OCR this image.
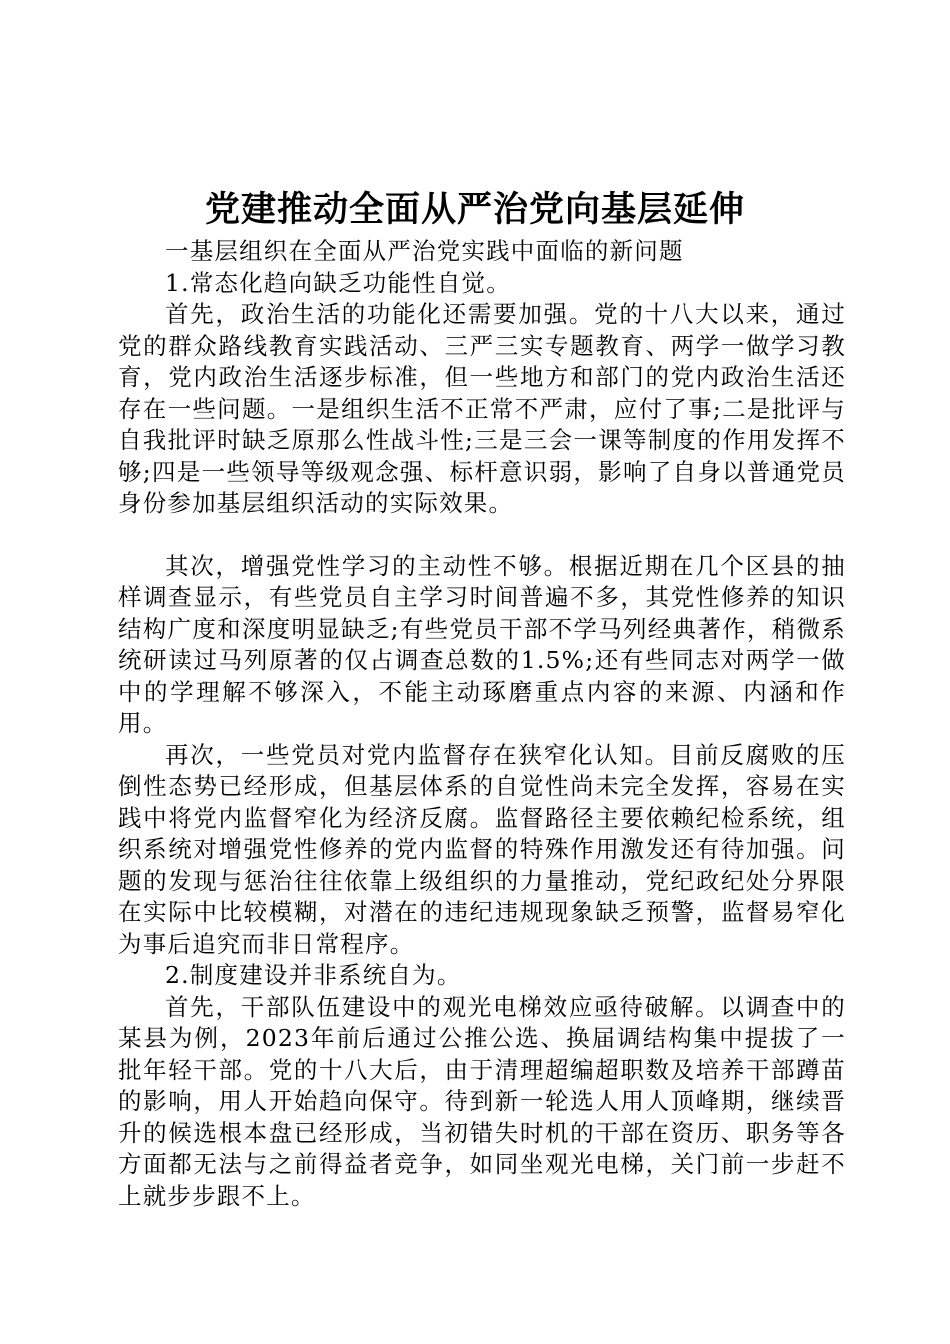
党建推动全面从严治党向基层延伸

一基层组织在全面从严治党实践中面临的新问题

1.常态化趋向缺乏功能性自觉。

首先，政治生活的功能化还需要加强。党的十八大以来，通过党的群众路线教育实践活动、三严三实专题教育、两学一做学习教育，党内政治生活逐步标准，但一些地方和部门的党内政治生活还存在一些问题。一是组织生活不正常不严肃，应付了事;二是批评与自我批评时缺乏原那么性战斗性;三是三会一课等制度的作用发挥不够;四是一些领导等级观念强、标杆意识弱，影响了自身以普通党员身份参加基层组织活动的实际效果。

其次，增强党性学习的主动性不够。根据近期在几个区县的抽样调查显示，有些党员自主学习时间普遍不多，其党性修养的知识结构广度和深度明显缺乏;有些党员干部不学马列经典著作，稍微系统研读过马列原著的仅占调查总数的1.5%;还有些同志对两学一做中的学理解不够深入，不能主动琢磨重点内容的来源、内涵和作用。

再次，一些党员对党内监督存在狭窄化认知。目前反腐败的压倒性态势已经形成，但基层体系的自觉性尚未完全发挥，容易在实践中将党内监督窄化为经济反腐。监督路径主要依赖纪检系统，组织系统对增强党性修养的党内监督的特殊作用激发还有待加强。问题的发现与惩治往往依靠上级组织的力量推动，党纪政纪处分界限在实际中比较模糊，对潜在的违纪违规现象缺乏预警，监督易窄化为事后追究而非日常程序。

2.制度建设并非系统自为。

首先，干部队伍建设中的观光电梯效应亟待破解。以调查中的某县为例，2023年前后通过公推公选、换届调结构集中提拔了一批年轻干部。党的十八大后，由于清理超编超职数及培养干部蹲苗的影响，用人开始趋向保守。待到新一轮选人用人顶峰期，继续晋升的候选根本盘已经形成，当初错失时机的干部在资历、职务等各方面都无法与之前得益者竞争，如同坐观光电梯，关门前一步赶不上就步步跟不上。
